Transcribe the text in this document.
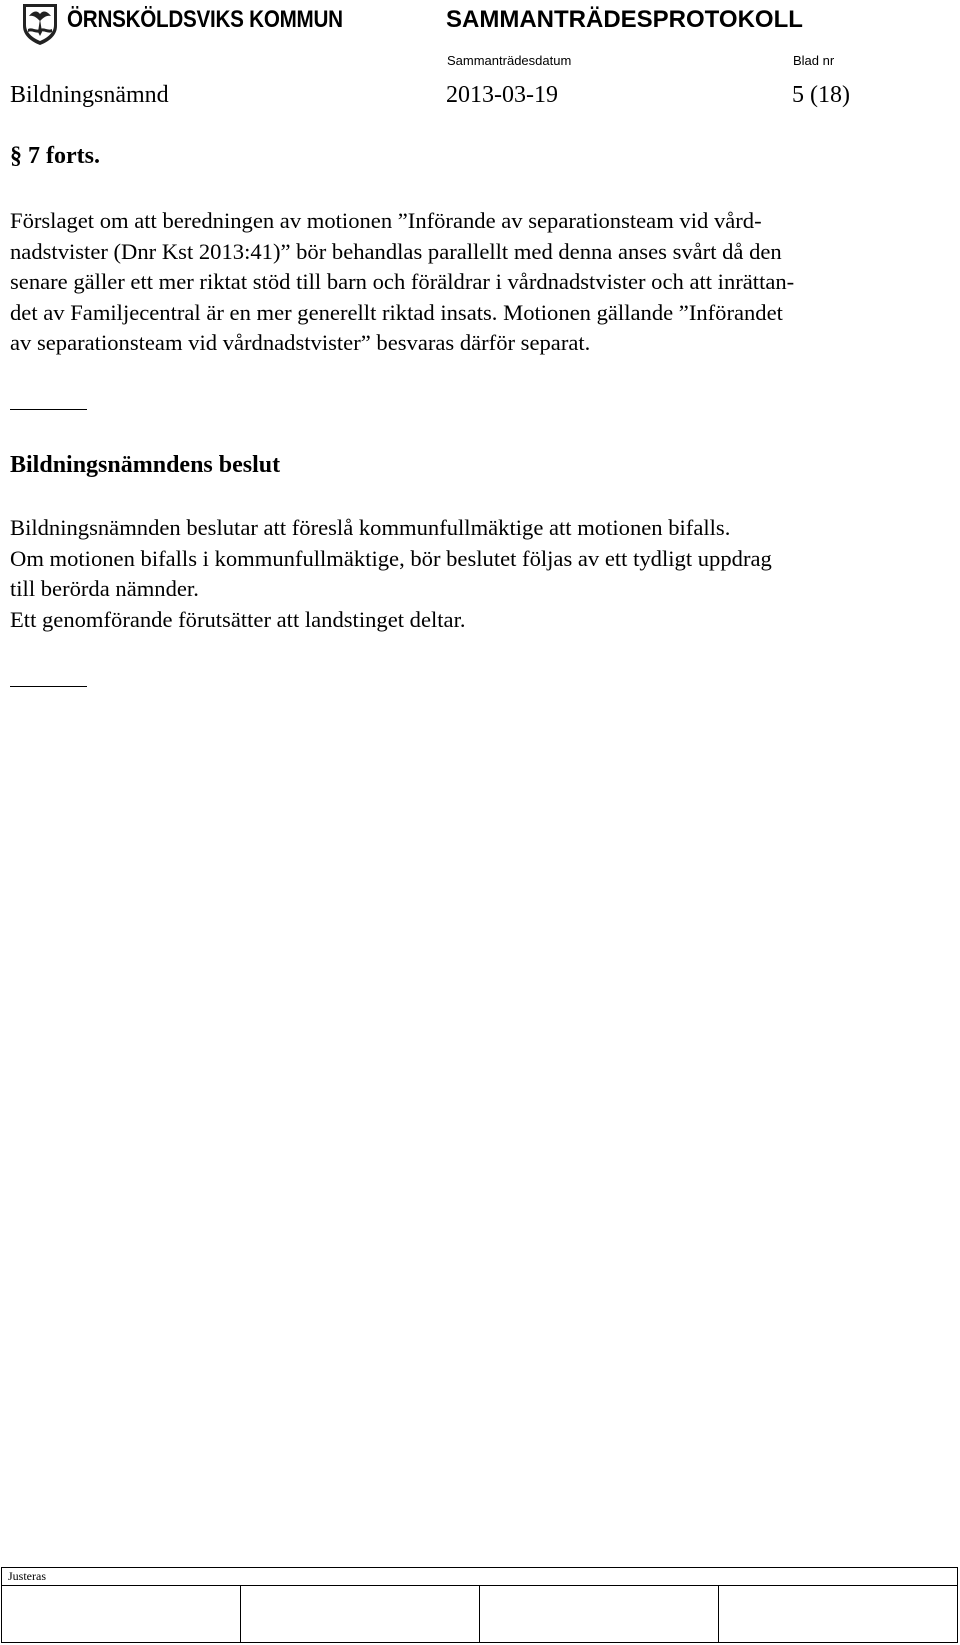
ÖRNSKÖLDSVIKS KOMMUN	SAMMANTRÄDESPROTOKOLL
Sammanträdesdatum	Blad nr
Bildningsnämnd	2013-03-19	5 (18)
§ 7 forts.
Förslaget om att beredningen av motionen ”Införande av separationsteam vid vård-
nadstvister (Dnr Kst 2013:41)” bör behandlas parallellt med denna anses svårt då den
senare gäller ett mer riktat stöd till barn och föräldrar i vårdnadstvister och att inrättan-
det av Familjecentral är en mer generellt riktad insats. Motionen gällande ”Införandet
av separationsteam vid vårdnadstvister” besvaras därför separat.
Bildningsnämndens beslut
Bildningsnämnden beslutar att föreslå kommunfullmäktige att motionen bifalls.
Om motionen bifalls i kommunfullmäktige, bör beslutet följas av ett tydligt uppdrag
till berörda nämnder.
Ett genomförande förutsätter att landstinget deltar.
Justeras
